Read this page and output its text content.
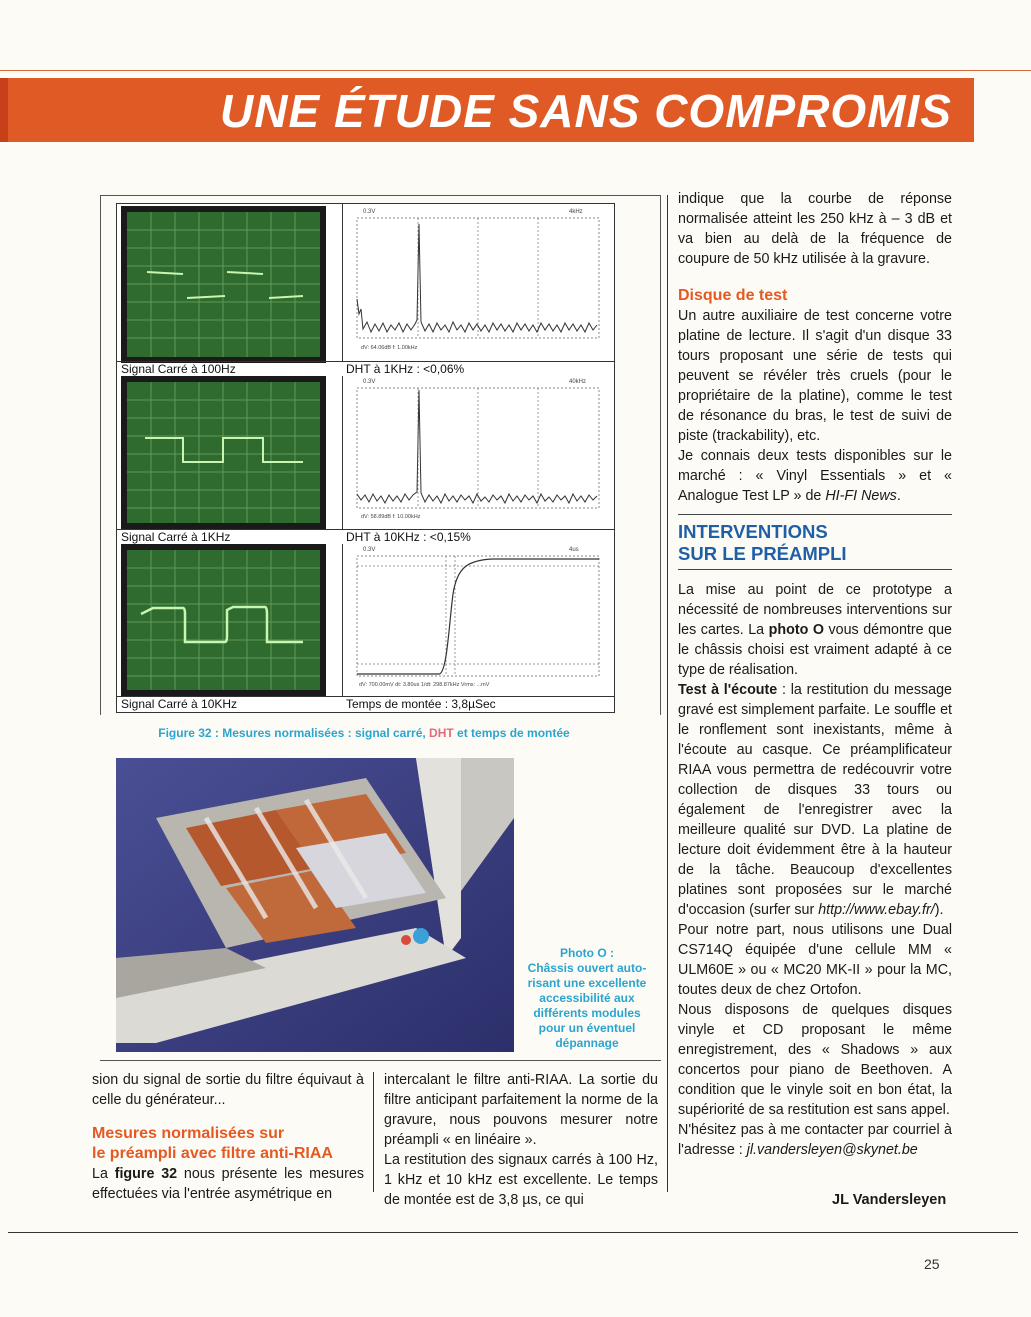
UNE ÉTUDE SANS COMPROMIS
0.3V	4kHz
dV: 64.06dB f: 1.00kHz
Signal Carré à 100Hz	DHT à 1KHz : <0,06%
0.3V	40kHz
dV: 58.89dB f: 10.00kHz
Signal Carré à 1KHz	DHT à 10KHz : <0,15%
0.3V	4us
dV: 700.00mV dt: 3.80us 1/dt: 298.87kHz Vrms: ...mV
Signal Carré à 10KHz	Temps de montée : 3,8µSec
Figure 32 : Mesures normalisées : signal carré, DHT et temps de montée
Photo O :
Châssis ouvert auto-
risant une excellente
accessibilité aux
différents modules
pour un éventuel
dépannage

sion du signal de sortie du filtre équivaut à celle du générateur...

Mesures normalisées sur

le préampli avec filtre anti-RIAA

La figure 32 nous présente les mesures effectuées via l'entrée asymétrique en

intercalant le filtre anti-RIAA. La sortie du filtre anticipant parfaitement la norme de la gravure, nous pouvons mesurer notre préampli « en linéaire ».

La restitution des signaux carrés à 100 Hz, 1 kHz et 10 kHz est excellente. Le temps de montée est de 3,8 µs, ce qui

indique que la courbe de réponse normalisée atteint les 250 kHz à – 3 dB et va bien au delà de la fréquence de coupure de 50 kHz utilisée à la gravure.

Disque de test

Un autre auxiliaire de test concerne votre platine de lecture. Il s'agit d'un disque 33 tours proposant une série de tests qui peuvent se révéler très cruels (pour le propriétaire de la platine), comme le test de résonance du bras, le test de suivi de piste (trackability), etc.

Je connais deux tests disponibles sur le marché : « Vinyl Essentials » et « Analogue Test LP » de HI-FI News.

INTERVENTIONS

SUR LE PRÉAMPLI

La mise au point de ce prototype a nécessité de nombreuses interventions sur les cartes. La photo O vous démontre que le châssis choisi est vraiment adapté à ce type de réalisation.

Test à l'écoute : la restitution du message gravé est simplement parfaite. Le souffle et le ronflement sont inexistants, même à l'écoute au casque. Ce préamplificateur RIAA vous permettra de redécouvrir votre collection de disques 33 tours ou également de l'enregistrer avec la meilleure qualité sur DVD. La platine de lecture doit évidemment être à la hauteur de la tâche. Beaucoup d'excellentes platines sont proposées sur le marché d'occasion (surfer sur http://www.ebay.fr/).

Pour notre part, nous utilisons une Dual CS714Q équipée d'une cellule MM « ULM60E » ou « MC20 MK-II » pour la MC, toutes deux de chez Ortofon.

Nous disposons de quelques disques vinyle et CD proposant le même enregistrement, des « Shadows » aux concertos pour piano de Beethoven. A condition que le vinyle soit en bon état, la supériorité de sa restitution est sans appel.

N'hésitez pas à me contacter par courriel à l'adresse : jl.vandersleyen@skynet.be

JL Vandersleyen
25
